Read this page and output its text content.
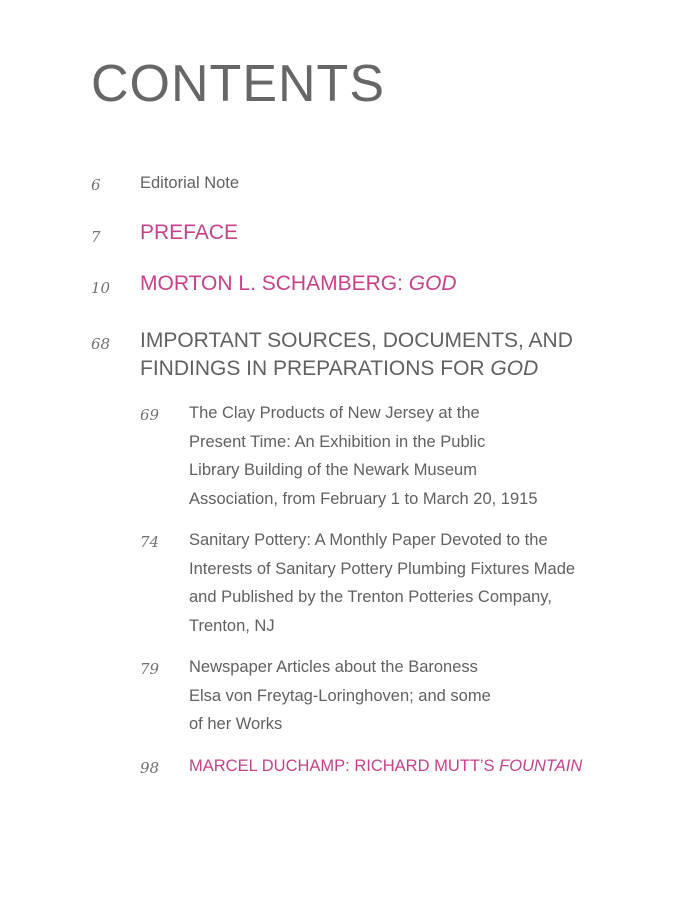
CONTENTS
6 Editorial Note
7 PREFACE
10 MORTON L. SCHAMBERG: GOD
68 IMPORTANT SOURCES, DOCUMENTS, AND
FINDINGS IN PREPARATIONS FOR GOD
69 The Clay Products of New Jersey at the
Present Time: An Exhibition in the Public
Library Building of the Newark Museum
Association, from February 1 to March 20, 1915
74 Sanitary Pottery: A Monthly Paper Devoted to the
Interests of Sanitary Pottery Plumbing Fixtures Made
and Published by the Trenton Potteries Company,
Trenton, NJ
79 Newspaper Articles about the Baroness
Elsa von Freytag-Loringhoven; and some
of her Works
98 MARCEL DUCHAMP: RICHARD MUTT’S FOUNTAIN
